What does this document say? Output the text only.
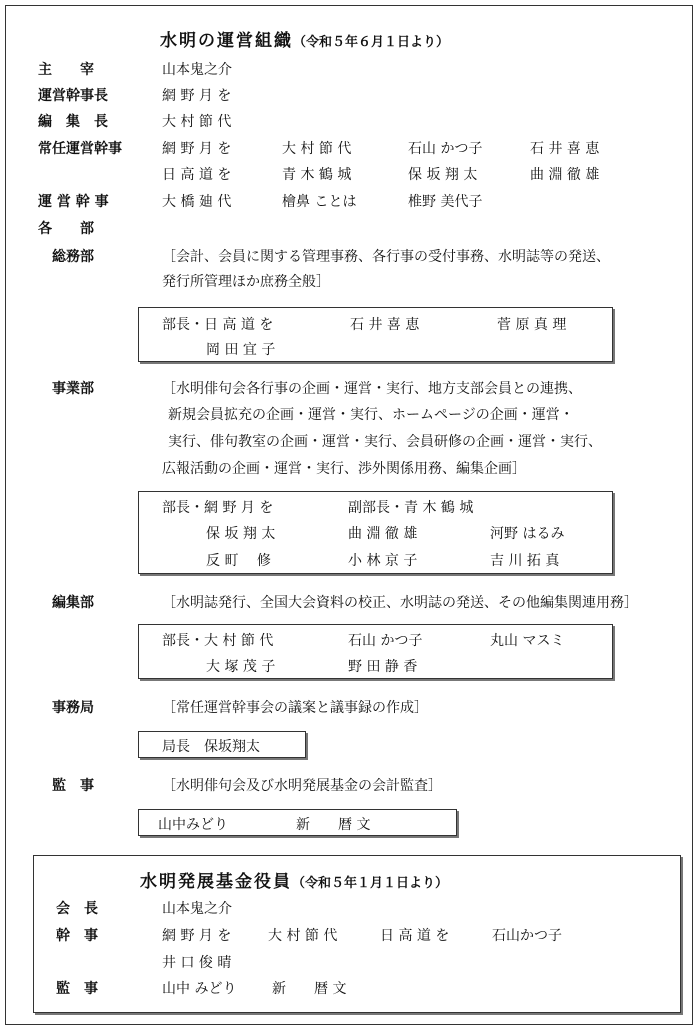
水明の運営組織（令和５年６月１日より）
主　　宰	山本鬼之介
運営幹事長	網 野 月 を
編　集　長	大 村 節 代
常任運営幹事	網 野 月 を	大 村 節 代	石山 かつ子	石 井 喜 恵
日 高 道 を	青 木 鶴 城	保 坂 翔 太	曲 淵 徹 雄
運 営 幹 事	大 橋 廸 代	檜鼻 ことは	椎野 美代子
各　　部
総務部	［会計、会員に関する管理事務、各行事の受付事務、水明誌等の発送、
発行所管理ほか庶務全般］
部長・日 高 道 を	石 井 喜 恵	菅 原 真 理
岡 田 宜 子
事業部	［水明俳句会各行事の企画・運営・実行、地方支部会員との連携、
新規会員拡充の企画・運営・実行、ホームページの企画・運営・
実行、俳句教室の企画・運営・実行、会員研修の企画・運営・実行、
広報活動の企画・運営・実行、渉外関係用務、編集企画］
部長・網 野 月 を	副部長・青 木 鶴 城
保 坂 翔 太	曲 淵 徹 雄	河野 はるみ
反 町　 修	小 林 京 子	吉 川 拓 真
編集部	［水明誌発行、全国大会資料の校正、水明誌の発送、その他編集関連用務］
部長・大 村 節 代	石山 かつ子	丸山 マスミ
大 塚 茂 子	野 田 静 香
事務局	［常任運営幹事会の議案と議事録の作成］
局長　保坂翔太
監　事	［水明俳句会及び水明発展基金の会計監査］
山中みどり	新　　暦 文
水明発展基金役員（令和５年１月１日より）
会　長	山本鬼之介
幹　事	網 野 月 を	大 村 節 代	日 高 道 を	石山かつ子
井 口 俊 晴
監　事	山中 みどり	新　　暦 文
